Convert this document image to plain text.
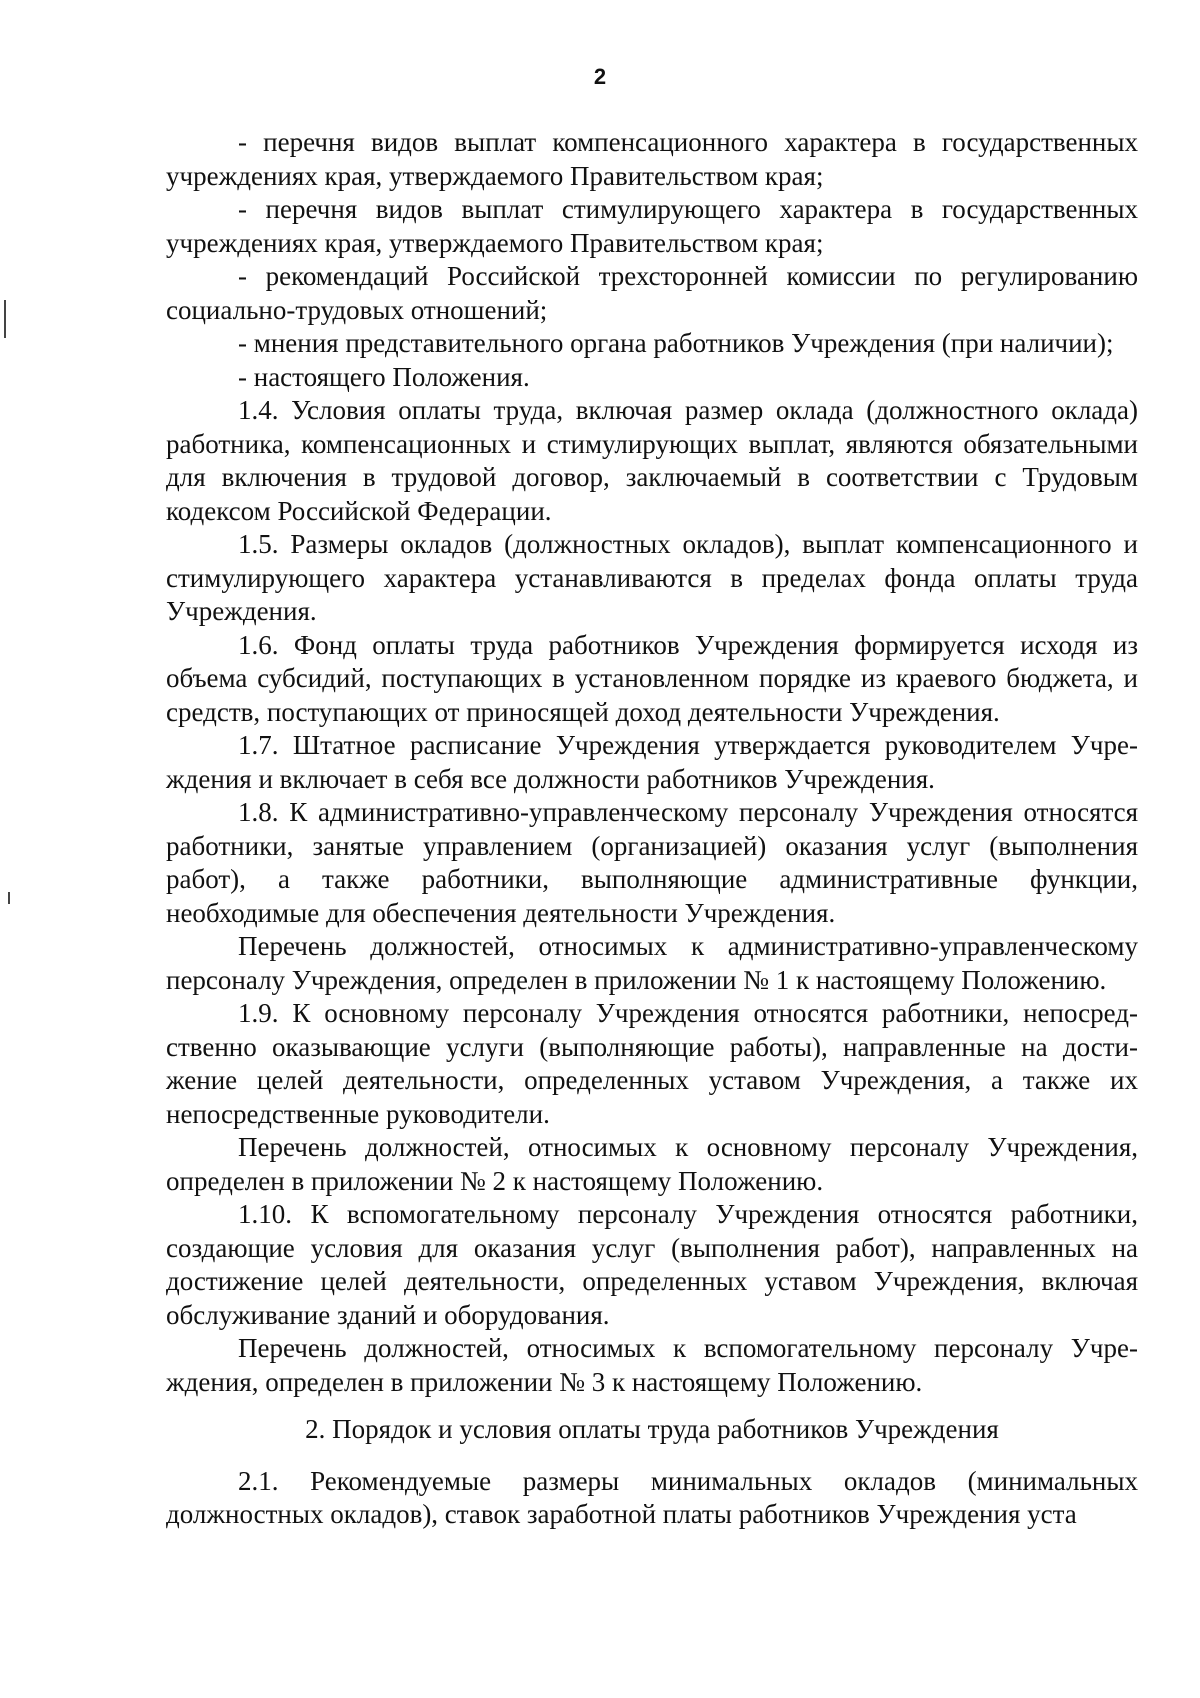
2

- перечня видов выплат компенсационного характера в государственных учреждениях края, утверждаемого Правительством края;

- перечня видов выплат стимулирующего характера в государственных учреждениях края, утверждаемого Правительством края;

- рекомендаций Российской трехсторонней комиссии по регулированию социально-трудовых отношений;

- мнения представительного органа работников Учреждения (при наличии);

- настоящего Положения.

1.4. Условия оплаты труда, включая размер оклада (должностного оклада) работника, компенсационных и стимулирующих выплат, являются обязательными для включения в трудовой договор, заключаемый в соответствии с Трудовым кодексом Российской Федерации.

1.5. Размеры окладов (должностных окладов), выплат компенсационного и стимулирующего характера устанавливаются в пределах фонда оплаты труда Учреждения.

1.6. Фонд оплаты труда работников Учреждения формируется исходя из объема субсидий, поступающих в установленном порядке из краевого бюджета, и средств, поступающих от приносящей доход деятельности Учреждения.

1.7. Штатное расписание Учреждения утверждается руководителем Учреждения и включает в себя все должности работников Учреждения.

1.8. К административно-управленческому персоналу Учреждения относятся работники, занятые управлением (организацией) оказания услуг (выполнения работ), а также работники, выполняющие административные функции, необходимые для обеспечения деятельности Учреждения.

Перечень должностей, относимых к административно-управленческому персоналу Учреждения, определен в приложении № 1 к настоящему Положению.

1.9. К основному персоналу Учреждения относятся работники, непосредственно оказывающие услуги (выполняющие работы), направленные на достижение целей деятельности, определенных уставом Учреждения, а также их непосредственные руководители.

Перечень должностей, относимых к основному персоналу Учреждения, определен в приложении № 2 к настоящему Положению.

1.10. К вспомогательному персоналу Учреждения относятся работники, создающие условия для оказания услуг (выполнения работ), направленных на достижение целей деятельности, определенных уставом Учреждения, включая обслуживание зданий и оборудования.

Перечень должностей, относимых к вспомогательному персоналу Учреждения, определен в приложении № 3 к настоящему Положению.

2. Порядок и условия оплаты труда работников Учреждения

2.1. Рекомендуемые размеры минимальных окладов (минимальных должностных окладов), ставок заработной платы работников Учреждения уста
